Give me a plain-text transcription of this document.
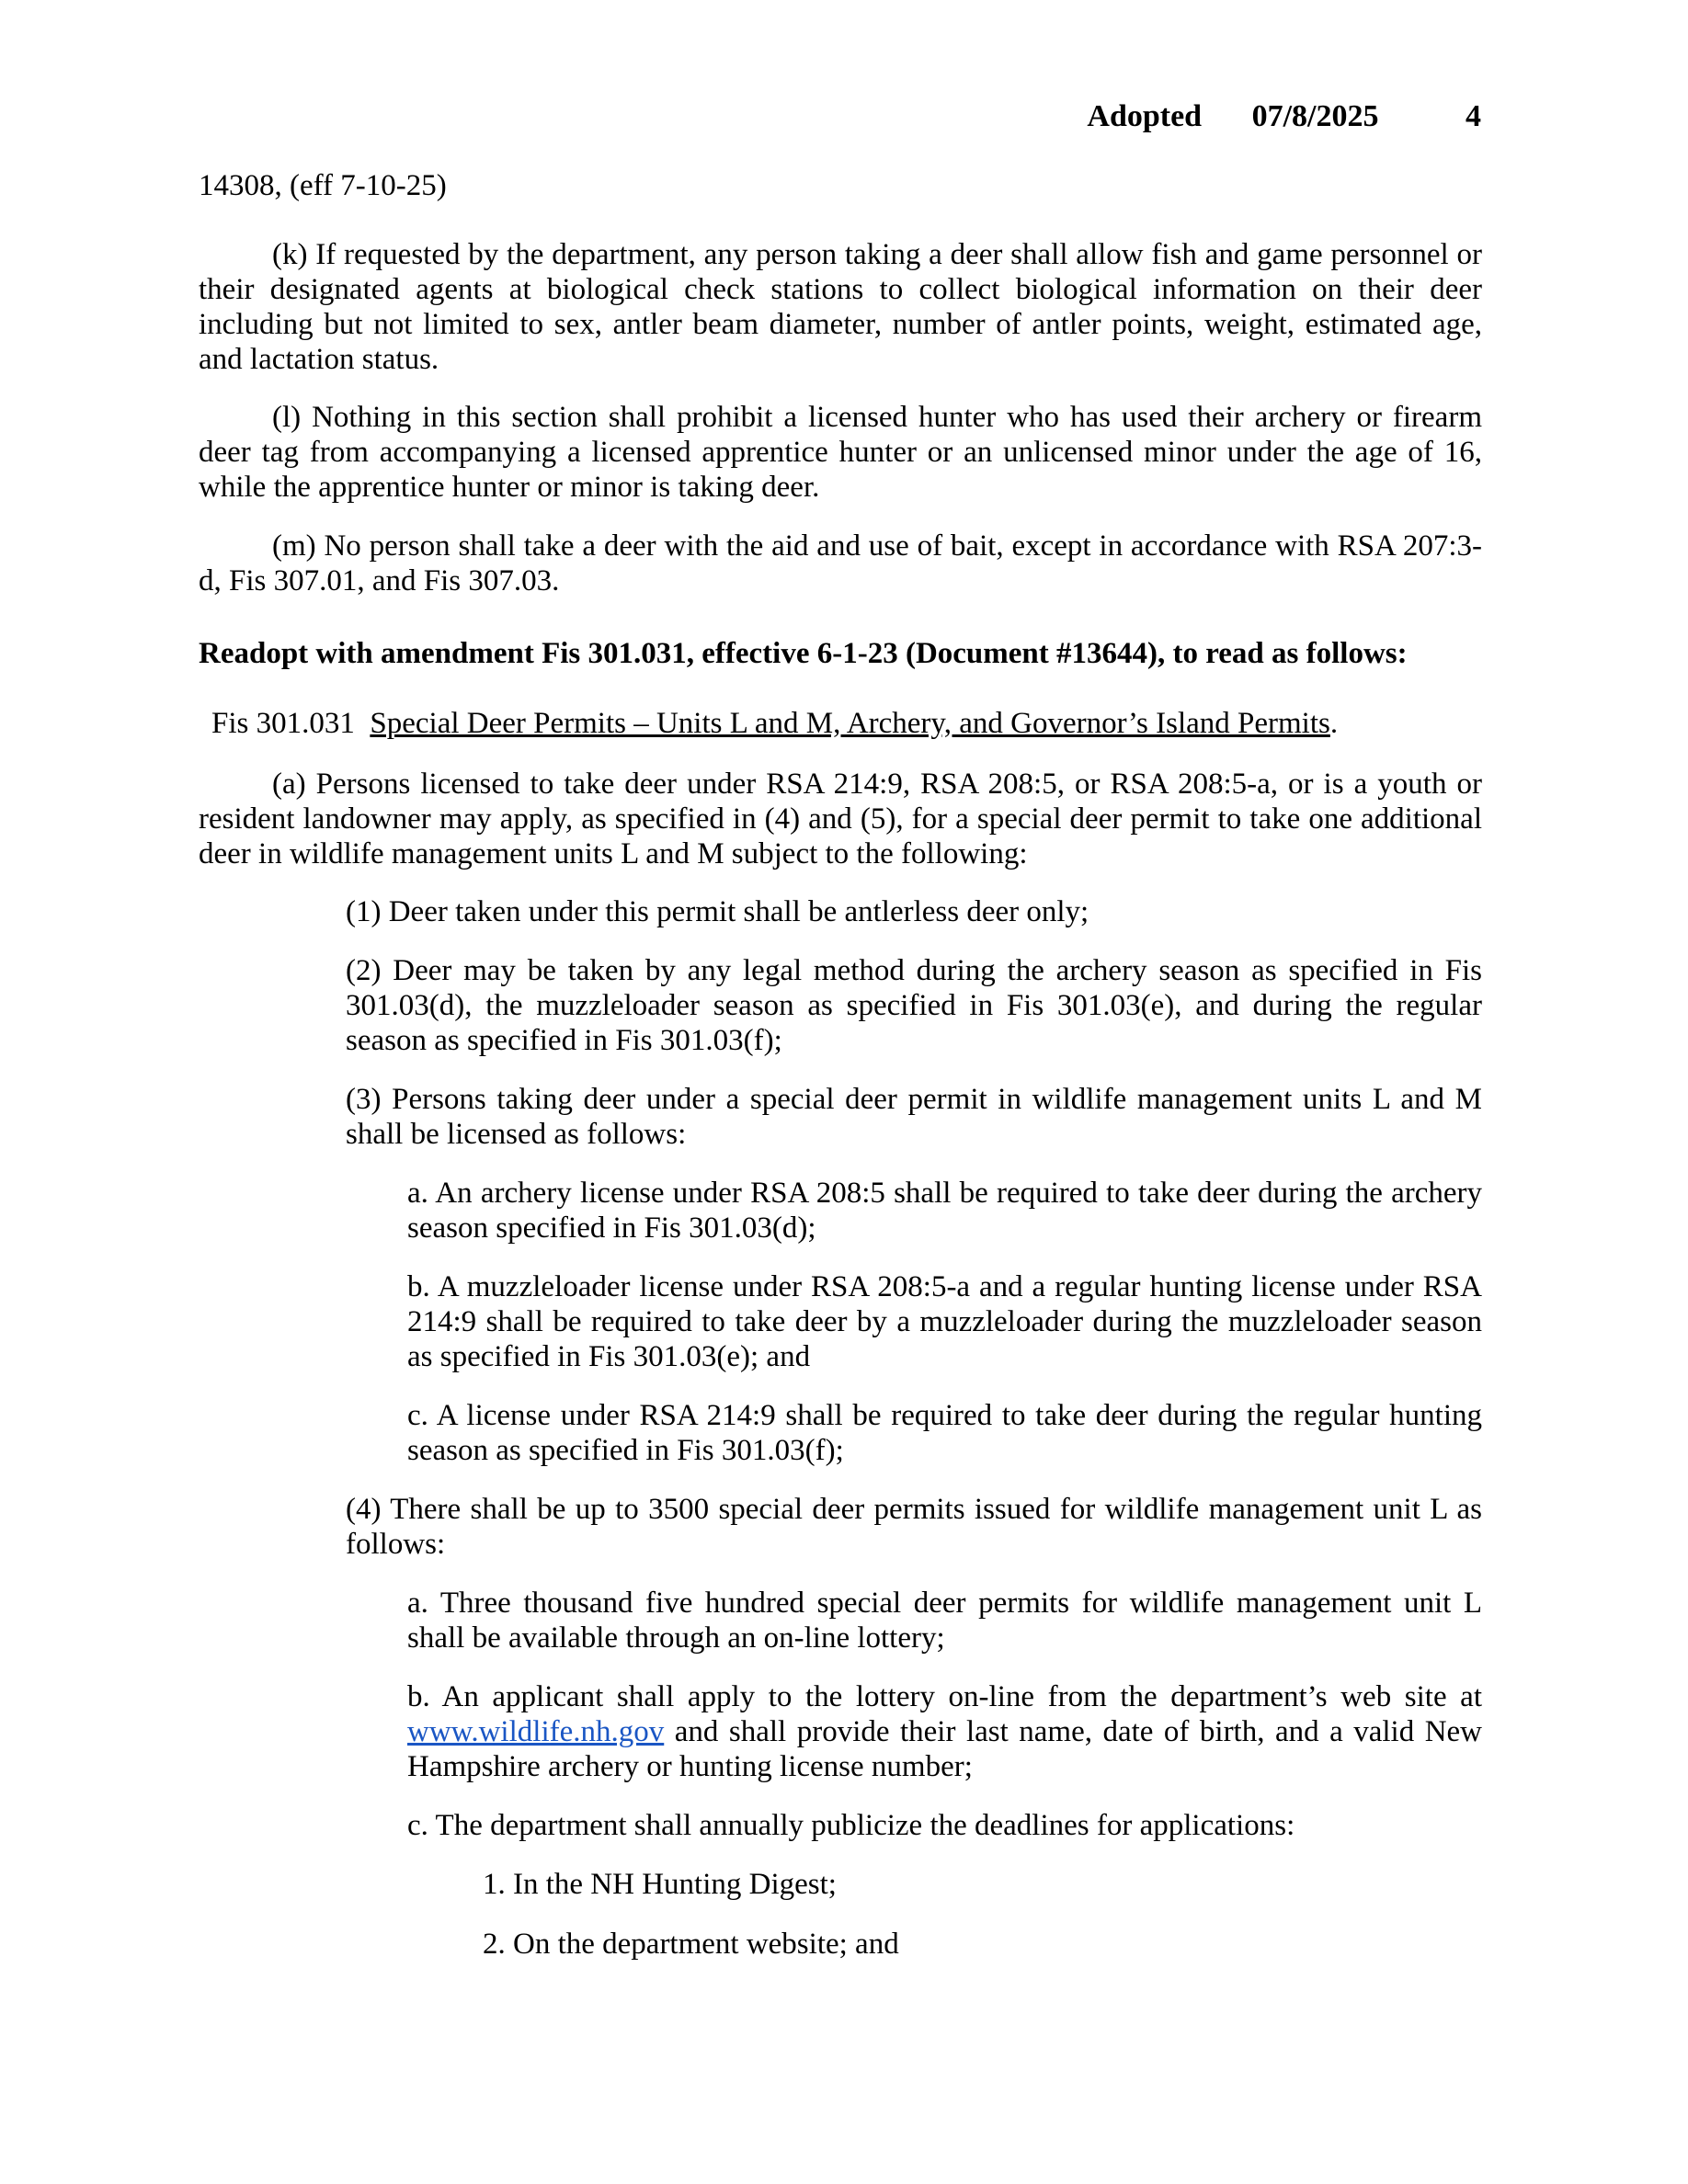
Adopted 07/8/2025	4
14308, (eff 7-10-25)
(k) If requested by the department, any person taking a deer shall allow fish and game personnel or their designated agents at biological check stations to collect biological information on their deer including but not limited to sex, antler beam diameter, number of antler points, weight, estimated age, and lactation status.
(l) Nothing in this section shall prohibit a licensed hunter who has used their archery or firearm deer tag from accompanying a licensed apprentice hunter or an unlicensed minor under the age of 16, while the apprentice hunter or minor is taking deer.
(m) No person shall take a deer with the aid and use of bait, except in accordance with RSA 207:3-d, Fis 307.01, and Fis 307.03.
Readopt with amendment Fis 301.031, effective 6-1-23 (Document #13644), to read as follows:
Fis 301.031 Special Deer Permits – Units L and M, Archery, and Governor’s Island Permits.
(a) Persons licensed to take deer under RSA 214:9, RSA 208:5, or RSA 208:5-a, or is a youth or resident landowner may apply, as specified in (4) and (5), for a special deer permit to take one additional deer in wildlife management units L and M subject to the following:
(1) Deer taken under this permit shall be antlerless deer only;
(2) Deer may be taken by any legal method during the archery season as specified in Fis 301.03(d), the muzzleloader season as specified in Fis 301.03(e), and during the regular season as specified in Fis 301.03(f);
(3) Persons taking deer under a special deer permit in wildlife management units L and M shall be licensed as follows:
a. An archery license under RSA 208:5 shall be required to take deer during the archery season specified in Fis 301.03(d);
b. A muzzleloader license under RSA 208:5-a and a regular hunting license under RSA 214:9 shall be required to take deer by a muzzleloader during the muzzleloader season as specified in Fis 301.03(e); and
c. A license under RSA 214:9 shall be required to take deer during the regular hunting season as specified in Fis 301.03(f);
(4) There shall be up to 3500 special deer permits issued for wildlife management unit L as follows:
a. Three thousand five hundred special deer permits for wildlife management unit L shall be available through an on-line lottery;
b. An applicant shall apply to the lottery on-line from the department’s web site at www.wildlife.nh.gov and shall provide their last name, date of birth, and a valid New Hampshire archery or hunting license number;
c. The department shall annually publicize the deadlines for applications:
1. In the NH Hunting Digest;
2. On the department website; and
